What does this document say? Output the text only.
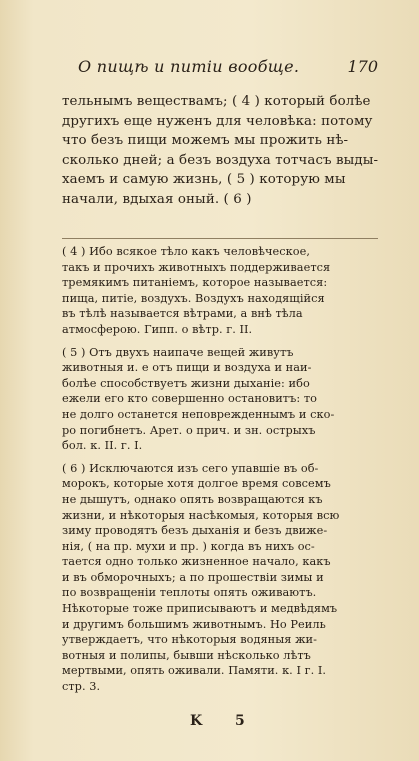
О пищѣ и питіи вообще.	170
тельнымъ веществамъ; ( 4 ) который болѣе
другихъ еще нуженъ для человѣка: потому
что безъ пищи можемъ мы прожить нѣ-
сколько дней; а безъ воздуха тотчасъ выды-
хаемъ и самую жизнь, ( 5 ) которую мы
начали, вдыхая оный. ( 6 )
( 4 ) Ибо всякое тѣло какъ человѣческое,
такъ и прочихъ животныхъ поддерживается
тремякимъ питаніемъ, которое называется:
пища, питіе, воздухъ. Воздухъ находящійся
въ тѣлѣ называется вѣтрами, а внѣ тѣла
атмосферою. Гипп. о вѣтр. г. II.
( 5 ) Отъ двухъ наипаче вещей живутъ
животныя и. е отъ пищи и воздуха и наи-
болѣе способствуетъ жизни дыханіе: ибо
ежели его кто совершенно остановитъ: то
не долго останется неповрежденнымъ и ско-
ро погибнетъ. Арет. о прич. и зн. острыхъ
бол. к. II. г. I.
( 6 ) Исключаются изъ сего упавшіе въ об-
морокъ, которые хотя долгое время совсемъ
не дышутъ, однако опять возвращаются къ
жизни, и нѣкоторыя насѣкомыя, которыя всю
зиму проводятъ безъ дыханія и безъ движе-
нія, ( на пр. мухи и пр. ) когда въ нихъ ос-
тается одно только жизненное начало, какъ
и въ обморочныхъ; а по прошествіи зимы и
по возвращеніи теплоты опять оживаютъ.
Нѣкоторые тоже приписываютъ и медвѣдямъ
и другимъ большимъ животнымъ. Но Реиль
утверждаетъ, что нѣкоторыя водяныя жи-
вотныя и полипы, бывши нѣсколько лѣтъ
мертвыми, опять оживали. Памяти. к. I г. I.
стр. 3.
K 5
